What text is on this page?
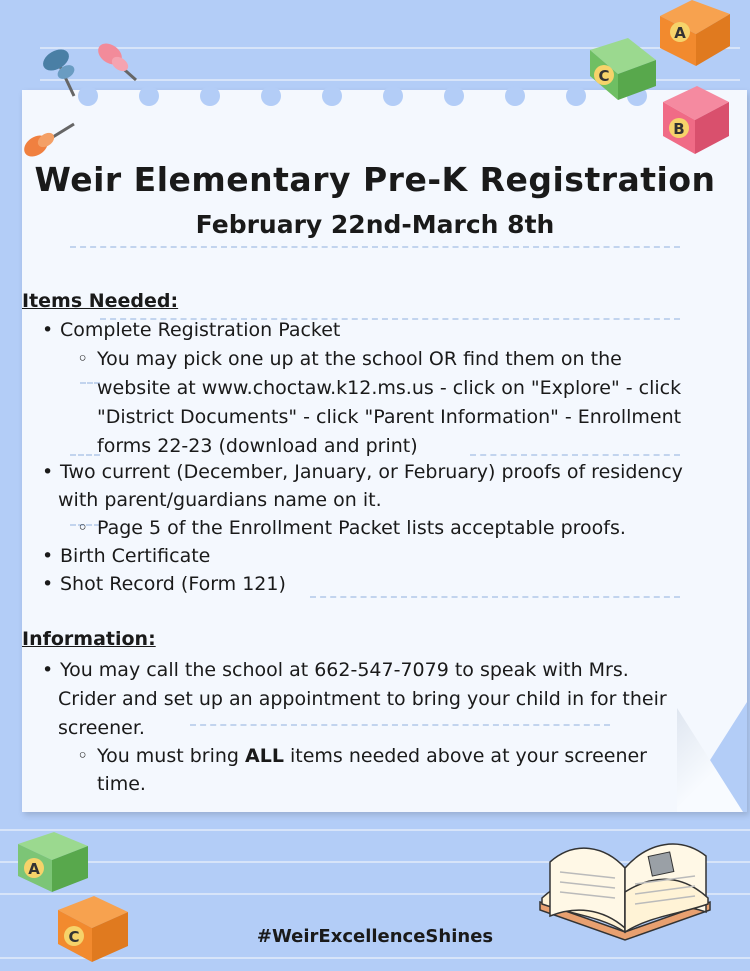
Weir Elementary Pre-K Registration
February 22nd-March 8th
Items Needed:
• Complete Registration Packet
◦ You may pick one up at the school OR find them on the
website at www.choctaw.k12.ms.us - click on "Explore" - click
"District Documents" - click "Parent Information" - Enrollment
forms 22-23 (download and print)
• Two current (December, January, or February) proofs of residency
with parent/guardians name on it.
◦ Page 5 of the Enrollment Packet lists acceptable proofs.
• Birth Certificate
• Shot Record (Form 121)
Information:
• You may call the school at 662-547-7079 to speak with Mrs.
Crider and set up an appointment to bring your child in for their
screener.
◦ You must bring ALL items needed above at your screener
time.
#WeirExcellenceShines
C
A
B
A
C
